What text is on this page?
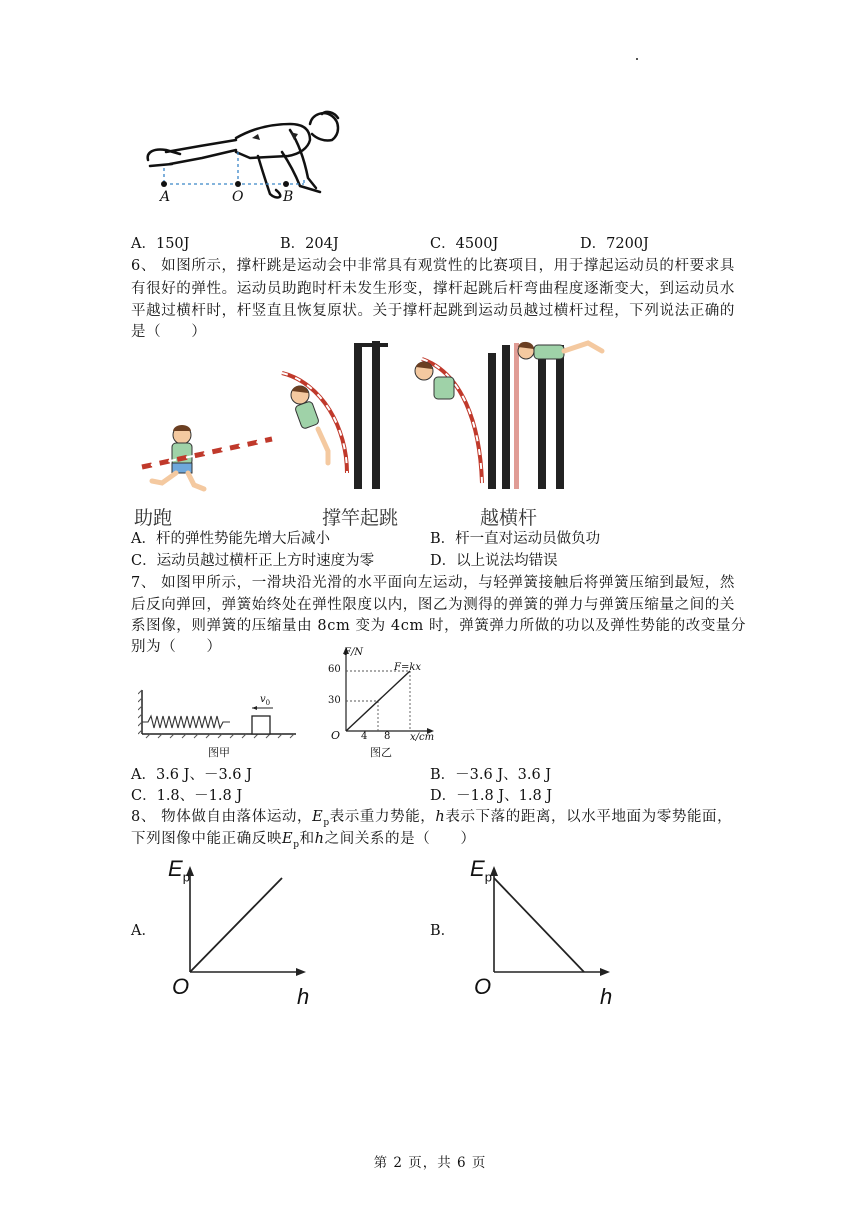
A	O	B
A．150J	B．204J	C．4500J	D．7200J
6、 如图所示，撑杆跳是运动会中非常具有观赏性的比赛项目，用于撑起运动员的杆要求具
有很好的弹性。运动员助跑时杆未发生形变，撑杆起跳后杆弯曲程度逐渐变大，到运动员水
平越过横杆时，杆竖直且恢复原状。关于撑杆起跳到运动员越过横杆过程，下列说法正确的
是（　　）
助跑	撑竿起跳	越横杆
A．杆的弹性势能先增大后减小	B．杆一直对运动员做负功
C．运动员越过横杆正上方时速度为零	D．以上说法均错误
7、 如图甲所示，一滑块沿光滑的水平面向左运动，与轻弹簧接触后将弹簧压缩到最短，然
后反向弹回，弹簧始终处在弹性限度以内，图乙为测得的弹簧的弹力与弹簧压缩量之间的关
系图像，则弹簧的压缩量由 8cm 变为 4cm 时，弹簧弹力所做的功以及弹性势能的改变量分
别为（　　）
$v_0$
图甲
F/N
F=kx
x/cm
O
60
30
4 8
图乙
A．3.6 J、－3.6 J	B．－3.6 J、3.6 J
C．1.8、－1.8 J	D．－1.8 J、1.8 J
8、 物体做自由落体运动，$E_p$表示重力势能，h表示下落的距离，以水平地面为零势能面，
下列图像中能正确反映$E_p$和h之间关系的是（　　）
A．
$E_p$
O	h
B．
$E_p$
O	h
第 2 页，共 6 页
